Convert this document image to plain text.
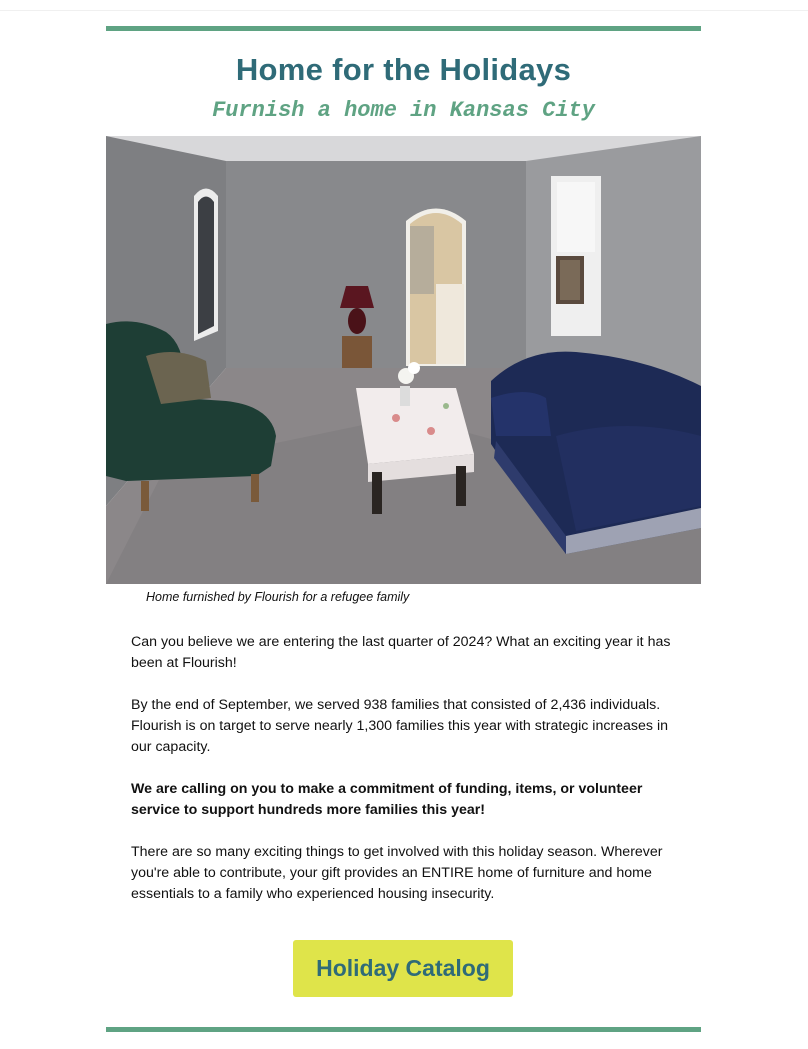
Home for the Holidays
Furnish a home in Kansas City
Home furnished by Flourish for a refugee family

Can you believe we are entering the last quarter of 2024? What an exciting year it has been at Flourish!

By the end of September, we served 938 families that consisted of 2,436 individuals. Flourish is on target to serve nearly 1,300 families this year with strategic increases in our capacity.

We are calling on you to make a commitment of funding, items, or volunteer service to support hundreds more families this year!

There are so many exciting things to get involved with this holiday season. Wherever you're able to contribute, your gift provides an ENTIRE home of furniture and home essentials to a family who experienced housing insecurity.

Holiday Catalog
